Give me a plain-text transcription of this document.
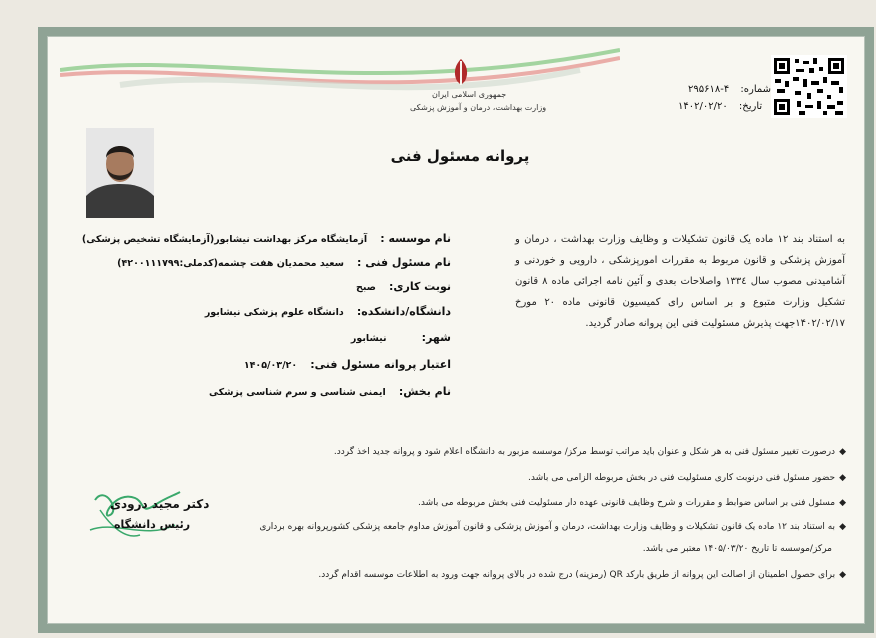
جمهوری اسلامی ایران
وزارت بهداشت، درمان و آموزش پزشکی
شماره: ۴-۲۹۵۶۱۸
تاریخ: ۱۴۰۲/۰۲/۲۰
پروانه مسئول فنی
نام موسسه : آزمایشگاه مرکز بهداشت نیشابور(آزمایشگاه تشخیص پزشکی)
نام مسئول فنی : سعید محمدیان هفت چشمه(کدملی:۴۲۰۰۱۱۱۷۹۹)
نوبت کاری: صبح
دانشگاه/دانشکده: دانشگاه علوم پزشکی نیشابور
شهر: نیشابور
اعتبار پروانه مسئول فنی: ۱۴۰۵/۰۳/۲۰
نام بخش: ایمنی شناسی و سرم شناسی پزشکی
به استناد بند ۱۲ ماده یک قانون تشکیلات و وظایف وزارت بهداشت ، درمان و آموزش پزشکی و قانون مربوط به مقررات امورپزشکی ، دارویی و خوردنی و آشامیدنی مصوب سال ۱۳۳٤ واصلاحات بعدی و آئین نامه اجرائی ماده ۸ قانون تشکیل وزارت متبوع و بر اساس رای کمیسیون قانونی ماده ۲۰ مورخ ۱۴۰۲/۰۲/۱۷جهت پذیرش مسئولیت فنی این پروانه صادر گردید.
◆درصورت تغییر مسئول فنی به هر شکل و عنوان باید مراتب توسط مرکز/ موسسه مزبور به دانشگاه اعلام شود و پروانه جدید اخذ گردد.
◆حضور مسئول فنی درنوبت کاری مسئولیت فنی در بخش مربوطه الزامی می باشد.
◆مسئول فنی بر اساس ضوابط و مقررات و شرح وظایف قانونی عهده دار مسئولیت فنی بخش مربوطه می باشد.
◆به استناد بند ۱۲ ماده یک قانون تشکیلات و وظایف وزارت بهداشت، درمان و آموزش پزشکی و قانون آموزش مداوم جامعه پزشکی کشورپروانه بهره برداری
مرکز/موسسه تا تاریخ ۱۴۰۵/۰۳/۲۰ معتبر می باشد.
◆برای حصول اطمینان از اصالت این پروانه از طریق بارکد QR (رمزینه) درج شده در بالای پروانه جهت ورود به اطلاعات موسسه اقدام گردد.
دکتر مجید درودی
رئیس دانشگاه
